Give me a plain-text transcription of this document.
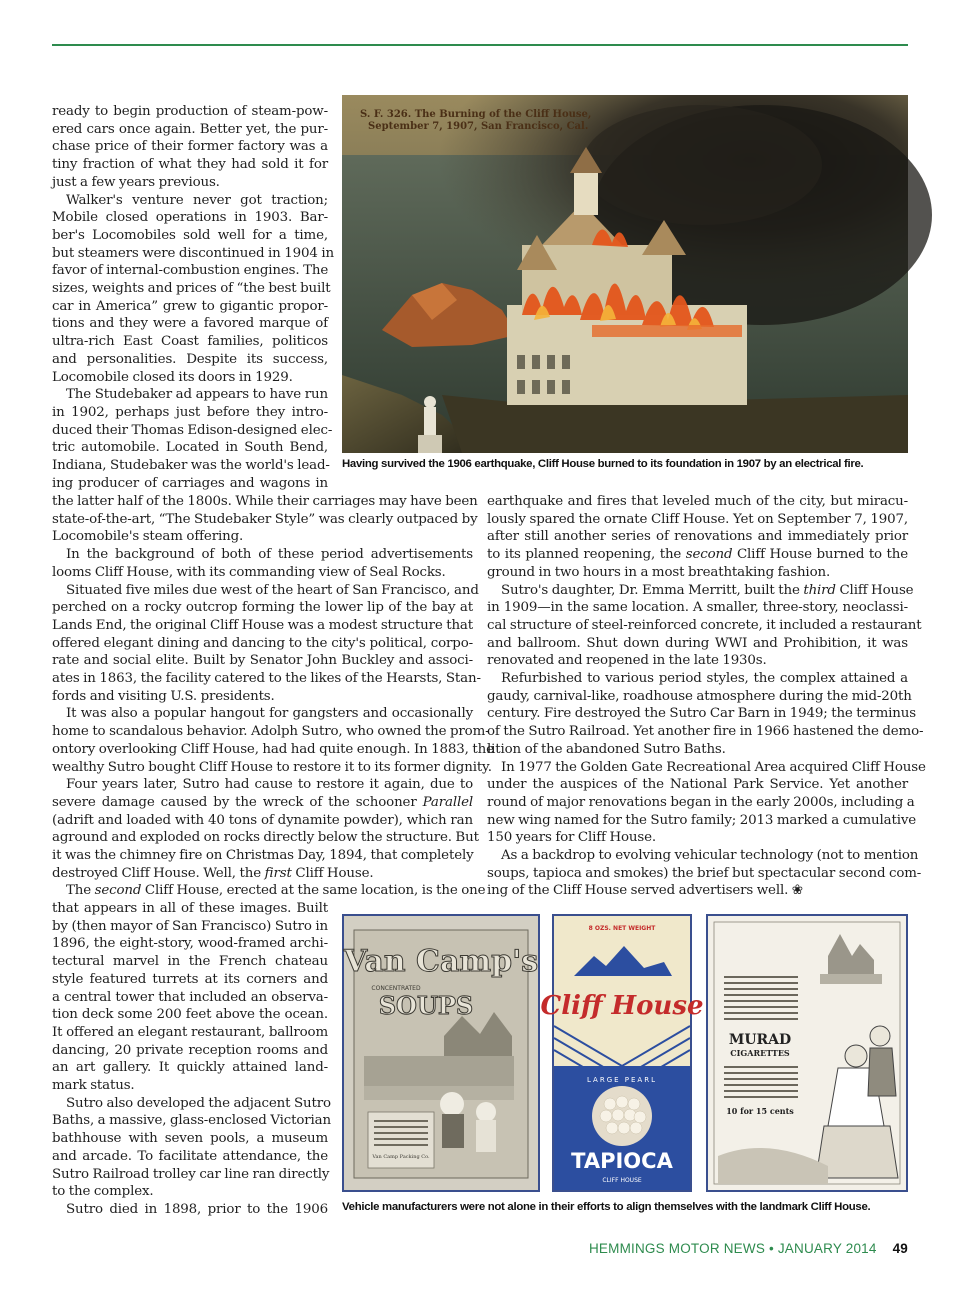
S. F. 326. The Burning of the Cliff House,
September 7, 1907, San Francisco, Cal.
Having survived the 1906 earthquake, Cliff House burned to its foundation in 1907 by an electrical fire.

ready to begin production of steam-pow-

ered cars once again. Better yet, the pur-

chase price of their former factory was a

tiny fraction of what they had sold it for

just a few years previous.

Walker's venture never got traction;

Mobile closed operations in 1903. Bar-

ber's Locomobiles sold well for a time,

but steamers were discontinued in 1904 in

favor of internal-combustion engines. The

sizes, weights and prices of “the best built

car in America” grew to gigantic propor-

tions and they were a favored marque of

ultra-rich East Coast families, politicos

and personalities. Despite its success,

Locomobile closed its doors in 1929.

The Studebaker ad appears to have run

in 1902, perhaps just before they intro-

duced their Thomas Edison-designed elec-

tric automobile. Located in South Bend,

Indiana, Studebaker was the world's lead-

ing producer of carriages and wagons in

the latter half of the 1800s. While their carriages may have been

state-of-the-art, “The Studebaker Style” was clearly outpaced by

Locomobile's steam offering.

In the background of both of these period advertisements

looms Cliff House, with its commanding view of Seal Rocks.

Situated five miles due west of the heart of San Francisco, and

perched on a rocky outcrop forming the lower lip of the bay at

Lands End, the original Cliff House was a modest structure that

offered elegant dining and dancing to the city's political, corpo-

rate and social elite. Built by Senator John Buckley and associ-

ates in 1863, the facility catered to the likes of the Hearsts, Stan-

fords and visiting U.S. presidents.

It was also a popular hangout for gangsters and occasionally

home to scandalous behavior. Adolph Sutro, who owned the prom-

ontory overlooking Cliff House, had had quite enough. In 1883, the

wealthy Sutro bought Cliff House to restore it to its former dignity.

Four years later, Sutro had cause to restore it again, due to

severe damage caused by the wreck of the schooner Parallel

(adrift and loaded with 40 tons of dynamite powder), which ran

aground and exploded on rocks directly below the structure. But

it was the chimney fire on Christmas Day, 1894, that completely

destroyed Cliff House. Well, the first Cliff House.

The second Cliff House, erected at the same location, is the one

that appears in all of these images. Built

by (then mayor of San Francisco) Sutro in

1896, the eight-story, wood-framed archi-

tectural marvel in the French chateau

style featured turrets at its corners and

a central tower that included an observa-

tion deck some 200 feet above the ocean.

It offered an elegant restaurant, ballroom

dancing, 20 private reception rooms and

an art gallery. It quickly attained land-

mark status.

Sutro also developed the adjacent Sutro

Baths, a massive, glass-enclosed Victorian

bathhouse with seven pools, a museum

and arcade. To facilitate attendance, the

Sutro Railroad trolley car line ran directly

to the complex.

Sutro died in 1898, prior to the 1906

earthquake and fires that leveled much of the city, but miracu-

lously spared the ornate Cliff House. Yet on September 7, 1907,

after still another series of renovations and immediately prior

to its planned reopening, the second Cliff House burned to the

ground in two hours in a most breathtaking fashion.

Sutro's daughter, Dr. Emma Merritt, built the third Cliff House

in 1909—in the same location. A smaller, three-story, neoclassi-

cal structure of steel-reinforced concrete, it included a restaurant

and ballroom. Shut down during WWI and Prohibition, it was

renovated and reopened in the late 1930s.

Refurbished to various period styles, the complex attained a

gaudy, carnival-like, roadhouse atmosphere during the mid-20th

century. Fire destroyed the Sutro Car Barn in 1949; the terminus

of the Sutro Railroad. Yet another fire in 1966 hastened the demo-

lition of the abandoned Sutro Baths.

In 1977 the Golden Gate Recreational Area acquired Cliff House

under the auspices of the National Park Service. Yet another

round of major renovations began in the early 2000s, including a

new wing named for the Sutro family; 2013 marked a cumulative

150 years for Cliff House.

As a backdrop to evolving vehicular technology (not to mention

soups, tapioca and smokes) the brief but spectacular second com-

ing of the Cliff House served advertisers well. ❀

Van Camp's
CONCENTRATED
SOUPS
Van Camp Packing Co.
8 OZS. NET WEIGHT
Cliff House
LARGE PEARL
TAPIOCA
CLIFF HOUSE
MURAD
CIGARETTES
10 for 15 cents
Vehicle manufacturers were not alone in their efforts to align themselves with the landmark Cliff House.
HEMMINGS MOTOR NEWS • JANUARY 2014 49
